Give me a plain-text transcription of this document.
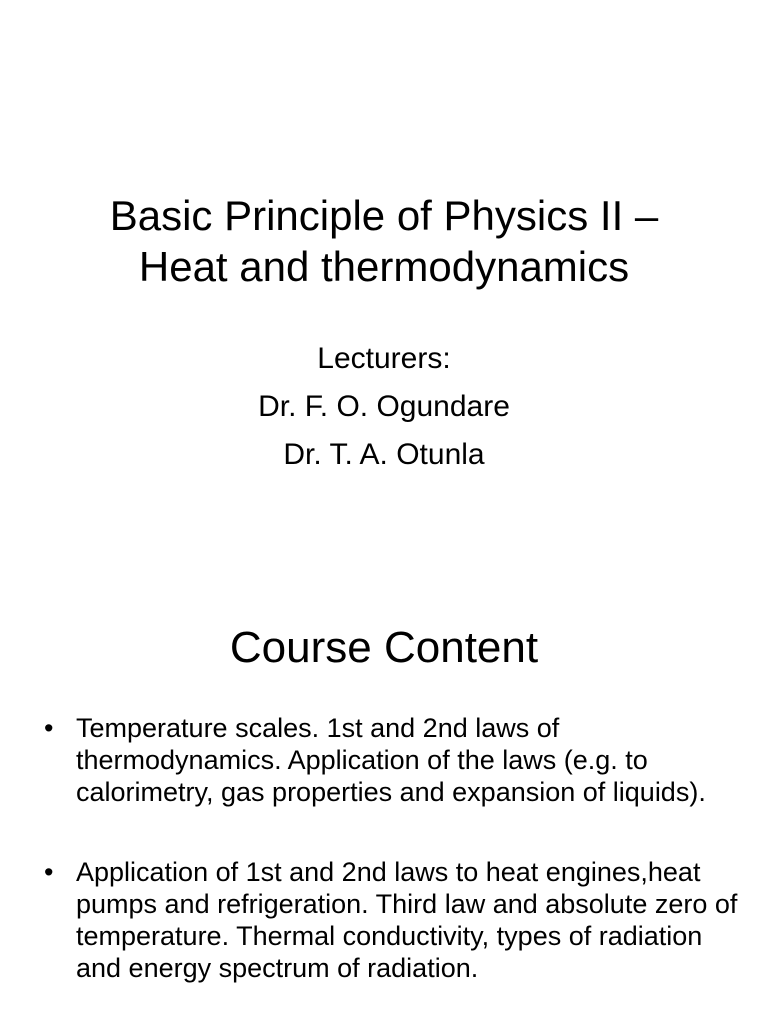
Basic Principle of Physics II –
Heat and thermodynamics
Lecturers:
Dr. F. O. Ogundare
Dr. T. A. Otunla
Course Content
• Temperature scales. 1st and 2nd laws of thermodynamics. Application of the laws (e.g. to calorimetry, gas properties and expansion of liquids).
• Application of 1st and 2nd laws to heat engines,heat pumps and refrigeration. Third law and absolute zero of temperature. Thermal conductivity, types of radiation and energy spectrum of radiation.
